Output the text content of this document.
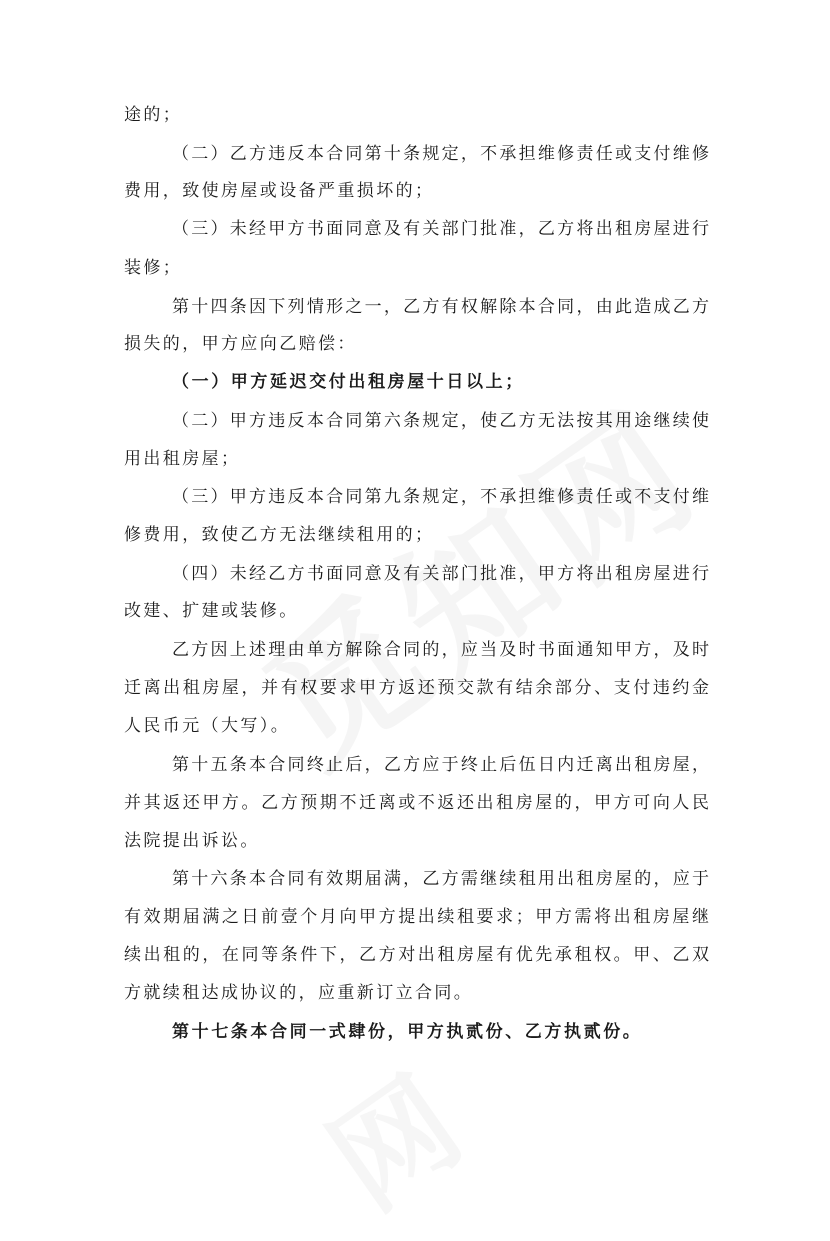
途的；
（二）乙方违反本合同第十条规定，不承担维修责任或支付维修
费用，致使房屋或设备严重损坏的；
（三）未经甲方书面同意及有关部门批准，乙方将出租房屋进行
装修；
第十四条因下列情形之一，乙方有权解除本合同，由此造成乙方
损失的，甲方应向乙赔偿：
（一）甲方延迟交付出租房屋十日以上；
（二）甲方违反本合同第六条规定，使乙方无法按其用途继续使
用出租房屋；
（三）甲方违反本合同第九条规定，不承担维修责任或不支付维
修费用，致使乙方无法继续租用的；
（四）未经乙方书面同意及有关部门批准，甲方将出租房屋进行
改建、扩建或装修。
乙方因上述理由单方解除合同的，应当及时书面通知甲方，及时
迁离出租房屋，并有权要求甲方返还预交款有结余部分、支付违约金
人民币元（大写）。
第十五条本合同终止后，乙方应于终止后伍日内迁离出租房屋，
并其返还甲方。乙方预期不迁离或不返还出租房屋的，甲方可向人民
法院提出诉讼。
第十六条本合同有效期届满，乙方需继续租用出租房屋的，应于
有效期届满之日前壹个月向甲方提出续租要求；甲方需将出租房屋继
续出租的，在同等条件下，乙方对出租房屋有优先承租权。甲、乙双
方就续租达成协议的，应重新订立合同。
第十七条本合同一式肆份，甲方执贰份、乙方执贰份。
